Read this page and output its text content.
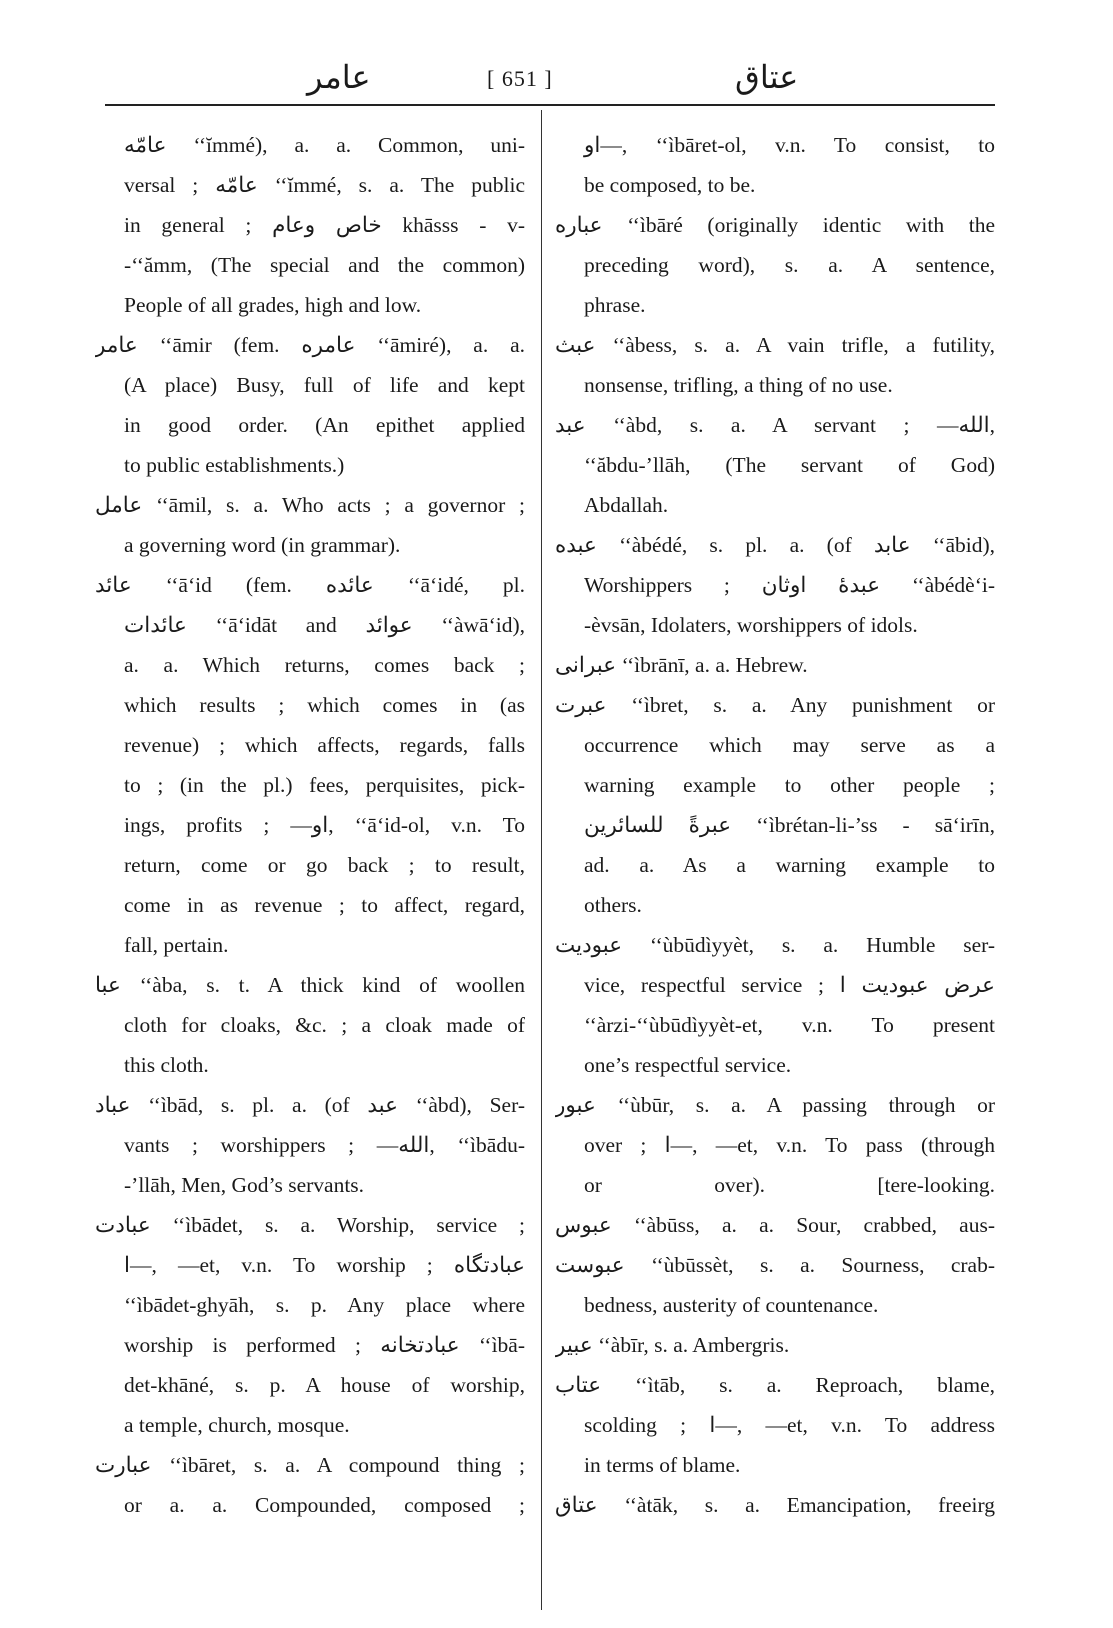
عامر	[ 651 ]	عتاق
عامّه ‘‘ĭmmé), a. a. Common, uni-
versal ; عامّه ‘‘ĭmmé, s. a. The public
in general ; خاص وعام khāsss - v-
-‘‘ămm, (The special and the common)
People of all grades, high and low.
عامر ‘‘āmir (fem. عامره ‘‘āmiré), a. a.
(A place) Busy, full of life and kept
in good order. (An epithet applied
to public establishments.)
عامل ‘‘āmil, s. a. Who acts ; a governor ;
a governing word (in grammar).
عائد ‘‘ā‘id (fem. عائده ‘‘ā‘idé, pl.
عائدات ‘‘ā‘idāt and عوائد ‘‘àwā‘id),
a. a. Which returns, comes back ;
which results ; which comes in (as
revenue) ; which affects, regards, falls
to ; (in the pl.) fees, perquisites, pick-
ings, profits ; —او, ‘‘ā‘id-ol, v.n. To
return, come or go back ; to result,
come in as revenue ; to affect, regard,
fall, pertain.
عبا ‘‘àba, s. t. A thick kind of woollen
cloth for cloaks, &c. ; a cloak made of
this cloth.
عباد ‘‘ìbād, s. pl. a. (of عبد ‘‘àbd), Ser-
vants ; worshippers ; —الله, ‘‘ìbādu-
-’llāh, Men, God’s servants.
عبادت ‘‘ìbādet, s. a. Worship, service ;
ا—, —et, v.n. To worship ; عبادتگاه
‘‘ìbādet-ghyāh, s. p. Any place where
worship is performed ; عبادتخانه ‘‘ìbā-
det-khāné, s. p. A house of worship,
a temple, church, mosque.
عبارت ‘‘ìbāret, s. a. A compound thing ;
or a. a. Compounded, composed ;
او—, ‘‘ìbāret-ol, v.n. To consist, to
be composed, to be.
عباره ‘‘ìbāré (originally identic with the
preceding word), s. a. A sentence,
phrase.
عبث ‘‘àbess, s. a. A vain trifle, a futility,
nonsense, trifling, a thing of no use.
عبد ‘‘àbd, s. a. A servant ; —الله,
‘‘ăbdu-’llāh, (The servant of God)
Abdallah.
عبده ‘‘àbédé, s. pl. a. (of عابد ‘‘ābid),
Worshippers ; عبدهٔ اوثان ‘‘àbédè‘i-
-èvsān, Idolaters, worshippers of idols.
عبرانى ‘‘ìbrānī, a. a. Hebrew.
عبرت ‘‘ìbret, s. a. Any punishment or
occurrence which may serve as a
warning example to other people ;
عبرةً للسائرين ‘‘ìbrétan-li-’ss - sā‘irīn,
ad. a. As a warning example to
others.
عبوديت ‘‘ùbūdìyyèt, s. a. Humble ser-
vice, respectful service ; عرض عبوديت ا
‘‘àrzi-‘‘ùbūdìyyèt-et, v.n. To present
one’s respectful service.
عبور ‘‘ùbūr, s. a. A passing through or
over ; ا—, —et, v.n. To pass (through
or over). [tere-looking.
عبوس ‘‘àbūss, a. a. Sour, crabbed, aus-
عبوست ‘‘ùbūssèt, s. a. Sourness, crab-
bedness, austerity of countenance.
عبير ‘‘àbīr, s. a. Ambergris.
عتاب ‘‘ìtāb, s. a. Reproach, blame,
scolding ; ا—, —et, v.n. To address
in terms of blame.
عتاق ‘‘àtāk, s. a. Emancipation, freeirg
